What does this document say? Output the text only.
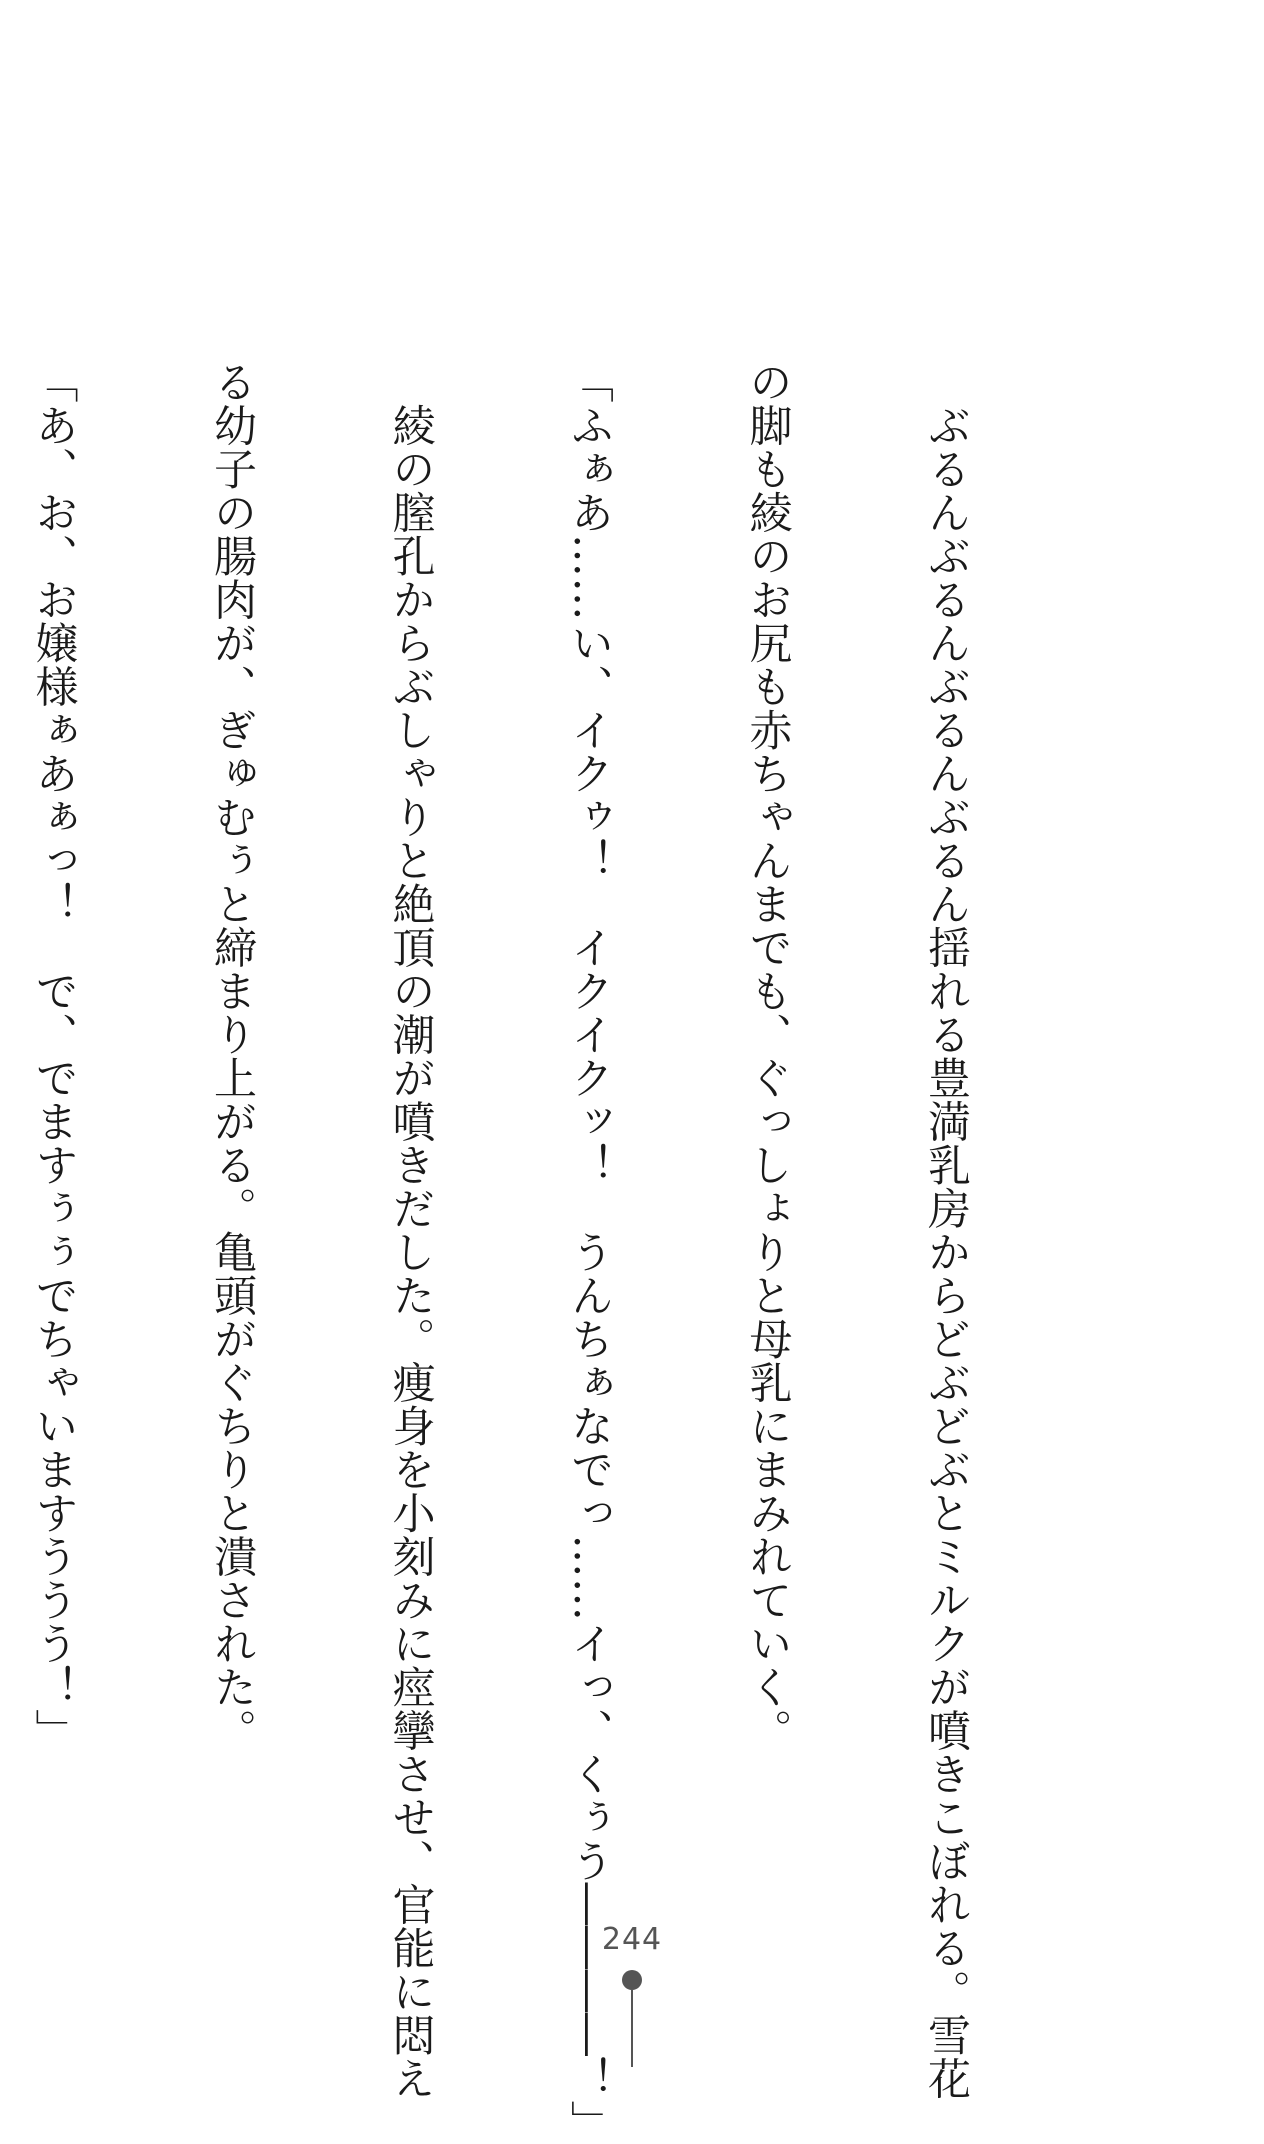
　ぶるんぶるんぶるんぶるん揺れる豊満乳房からどぶどぶとミルクが噴きこぼれる。雪花

の脚も綾のお尻も赤ちゃんまでも、ぐっしょりと母乳にまみれていく。

「ふぁあ……い、イクゥ！　イクイクッ！　うんちぁなでっ……イっ、くぅう――――！」

　綾の膣孔からぶしゃりと絶頂の潮が噴きだした。痩身を小刻みに痙攣させ、官能に悶え

る幼子の腸肉が、ぎゅむぅと締まり上がる。亀頭がぐちりと潰された。

「あ、お、お嬢様ぁあぁっ！　で、でますぅぅでちゃいますううう！」

244
